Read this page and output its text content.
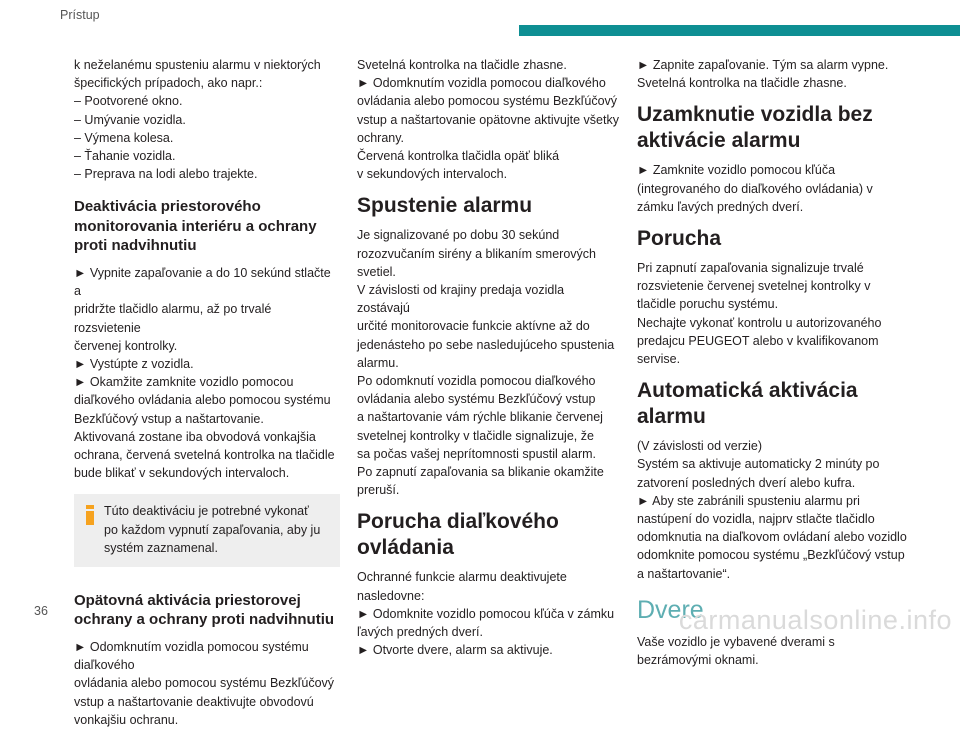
Prístup

k neželanému spusteniu alarmu v niektorých
špecifických prípadoch, ako napr.:
– Pootvorené okno.
– Umývanie vozidla.
– Výmena kolesa.
– Ťahanie vozidla.
– Preprava na lodi alebo trajekte.

Deaktivácia priestorového
monitorovania interiéru a ochrany
proti nadvihnutiu

► Vypnite zapaľovanie a do 10 sekúnd stlačte a
pridržte tlačidlo alarmu, až po trvalé rozsvietenie
červenej kontrolky.
► Vystúpte z vozidla.
► Okamžite zamknite vozidlo pomocou
diaľkového ovládania alebo pomocou systému
Bezkľúčový vstup a naštartovanie.
Aktivovaná zostane iba obvodová vonkajšia
ochrana, červená svetelná kontrolka na tlačidle
bude blikať v sekundových intervaloch.

Túto deaktiváciu je potrebné vykonať
po každom vypnutí zapaľovania, aby ju
systém zaznamenal.

Opätovná aktivácia priestorovej
ochrany a ochrany proti nadvihnutiu

► Odomknutím vozidla pomocou systému diaľkového
ovládania alebo pomocou systému Bezkľúčový
vstup a naštartovanie deaktivujte obvodovú
vonkajšiu ochranu.

Svetelná kontrolka na tlačidle zhasne.
► Odomknutím vozidla pomocou diaľkového
ovládania alebo pomocou systému Bezkľúčový
vstup a naštartovanie opätovne aktivujte všetky
ochrany.
Červená kontrolka tlačidla opäť bliká
v sekundových intervaloch.

Spustenie alarmu

Je signalizované po dobu 30 sekúnd
rozozvučaním sirény a blikaním smerových
svetiel.
V závislosti od krajiny predaja vozidla zostávajú
určité monitorovacie funkcie aktívne až do
jedenásteho po sebe nasledujúceho spustenia
alarmu.
Po odomknutí vozidla pomocou diaľkového
ovládania alebo systému Bezkľúčový vstup
a naštartovanie vám rýchle blikanie červenej
svetelnej kontrolky v tlačidle signalizuje, že
sa počas vašej neprítomnosti spustil alarm.
Po zapnutí zapaľovania sa blikanie okamžite
preruší.

Porucha diaľkového
ovládania

Ochranné funkcie alarmu deaktivujete
nasledovne:
► Odomknite vozidlo pomocou kľúča v zámku
ľavých predných dverí.
► Otvorte dvere, alarm sa aktivuje.

► Zapnite zapaľovanie. Tým sa alarm vypne.
Svetelná kontrolka na tlačidle zhasne.

Uzamknutie vozidla bez
aktivácie alarmu

► Zamknite vozidlo pomocou kľúča
(integrovaného do diaľkového ovládania) v
zámku ľavých predných dverí.

Porucha

Pri zapnutí zapaľovania signalizuje trvalé
rozsvietenie červenej svetelnej kontrolky v
tlačidle poruchu systému.
Nechajte vykonať kontrolu u autorizovaného
predajcu PEUGEOT alebo v kvalifikovanom
servise.

Automatická aktivácia
alarmu

(V závislosti od verzie)
Systém sa aktivuje automaticky 2 minúty po
zatvorení posledných dverí alebo kufra.
► Aby ste zabránili spusteniu alarmu pri
nastúpení do vozidla, najprv stlačte tlačidlo
odomknutia na diaľkovom ovládaní alebo vozidlo
odomknite pomocou systému „Bezkľúčový vstup
a naštartovanie“.

Dvere

Vaše vozidlo je vybavené dverami s
bezrámovými oknami.

36	carmanualsonline.info
